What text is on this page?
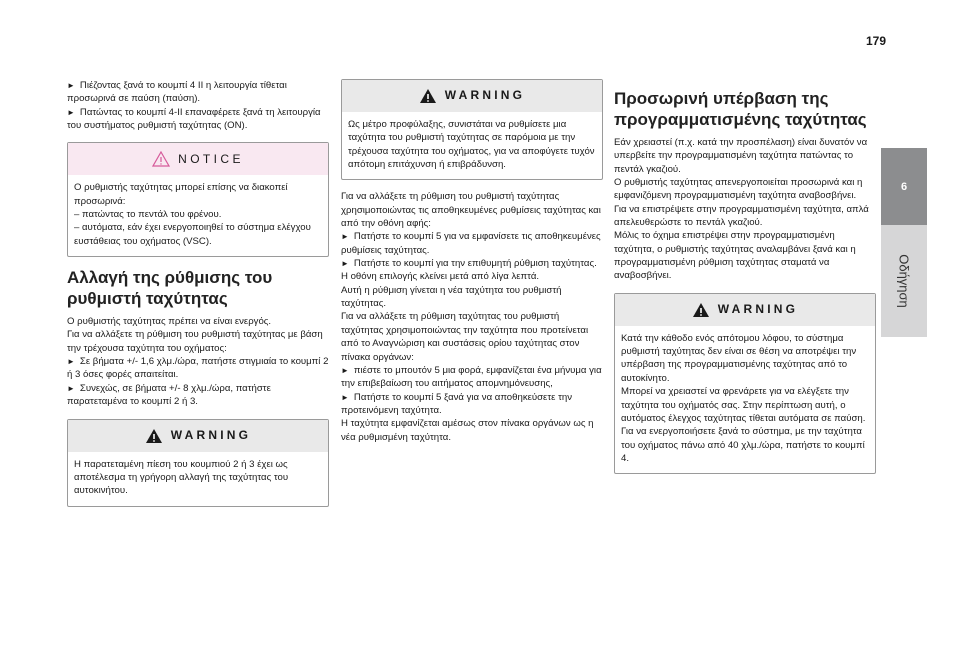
179
6
Οδήγηση
► Πιέζοντας ξανά το κουμπί 4 II η λειτουργία τίθεται προσωρινά σε παύση (παύση).
► Πατώντας το κουμπί 4-II επαναφέρετε ξανά τη λειτουργία του συστήματος ρυθμιστή ταχύτητας (ON).
NOTICE
Ο ρυθμιστής ταχύτητας μπορεί επίσης να διακοπεί προσωρινά:
– πατώντας το πεντάλ του φρένου.
– αυτόματα, εάν έχει ενεργοποιηθεί το σύστημα ελέγχου ευστάθειας του οχήματος (VSC).
Αλλαγή της ρύθμισης του ρυθμιστή ταχύτητας
Ο ρυθμιστής ταχύτητας πρέπει να είναι ενεργός.
Για να αλλάξετε τη ρύθμιση του ρυθμιστή ταχύτητας με βάση την τρέχουσα ταχύτητα του οχήματος:
► Σε βήματα +/- 1,6 χλμ./ώρα, πατήστε στιγμιαία το κουμπί 2 ή 3 όσες φορές απαιτείται.
► Συνεχώς, σε βήματα +/- 8 χλμ./ώρα, πατήστε παρατεταμένα το κουμπί 2 ή 3.
WARNING
Η παρατεταμένη πίεση του κουμπιού 2 ή 3 έχει ως αποτέλεσμα τη γρήγορη αλλαγή της ταχύτητας του αυτοκινήτου.
WARNING
Ως μέτρο προφύλαξης, συνιστάται να ρυθμίσετε μια ταχύτητα του ρυθμιστή ταχύτητας σε παρόμοια με την τρέχουσα ταχύτητα του οχήματος, για να αποφύγετε τυχόν απότομη επιτάχυνση ή επιβράδυνση.
Για να αλλάξετε τη ρύθμιση του ρυθμιστή ταχύτητας χρησιμοποιώντας τις αποθηκευμένες ρυθμίσεις ταχύτητας και από την οθόνη αφής:
► Πατήστε το κουμπί 5 για να εμφανίσετε τις αποθηκευμένες ρυθμίσεις ταχύτητας.
► Πατήστε το κουμπί για την επιθυμητή ρύθμιση ταχύτητας.
Η οθόνη επιλογής κλείνει μετά από λίγα λεπτά.
Αυτή η ρύθμιση γίνεται η νέα ταχύτητα του ρυθμιστή ταχύτητας.
Για να αλλάξετε τη ρύθμιση ταχύτητας του ρυθμιστή ταχύτητας χρησιμοποιώντας την ταχύτητα που προτείνεται από το Αναγνώριση και συστάσεις ορίου ταχύτητας στον πίνακα οργάνων:
► πιέστε το μπουτόν 5 μια φορά, εμφανίζεται ένα μήνυμα για την επιβεβαίωση του αιτήματος απομνημόνευσης,
► Πατήστε το κουμπί 5 ξανά για να αποθηκεύσετε την προτεινόμενη ταχύτητα.
Η ταχύτητα εμφανίζεται αμέσως στον πίνακα οργάνων ως η νέα ρυθμισμένη ταχύτητα.
Προσωρινή υπέρβαση της προγραμματισμένης ταχύτητας
Εάν χρειαστεί (π.χ. κατά την προσπέλαση) είναι δυνατόν να υπερβείτε την προγραμματισμένη ταχύτητα πατώντας το πεντάλ γκαζιού.
Ο ρυθμιστής ταχύτητας απενεργοποιείται προσωρινά και η εμφανιζόμενη προγραμματισμένη ταχύτητα αναβοσβήνει.
Για να επιστρέψετε στην προγραμματισμένη ταχύτητα, απλά απελευθερώστε το πεντάλ γκαζιού.
Μόλις το όχημα επιστρέψει στην προγραμματισμένη ταχύτητα, ο ρυθμιστής ταχύτητας αναλαμβάνει ξανά και η προγραμματισμένη ρύθμιση ταχύτητας σταματά να αναβοσβήνει.
WARNING
Κατά την κάθοδο ενός απότομου λόφου, το σύστημα ρυθμιστή ταχύτητας δεν είναι σε θέση να αποτρέψει την υπέρβαση της προγραμματισμένης ταχύτητας από το αυτοκίνητο.
Μπορεί να χρειαστεί να φρενάρετε για να ελέγξετε την ταχύτητα του οχήματός σας. Στην περίπτωση αυτή, ο αυτόματος έλεγχος ταχύτητας τίθεται αυτόματα σε παύση.
Για να ενεργοποιήσετε ξανά το σύστημα, με την ταχύτητα του οχήματος πάνω από 40 χλμ./ώρα, πατήστε το κουμπί 4.
